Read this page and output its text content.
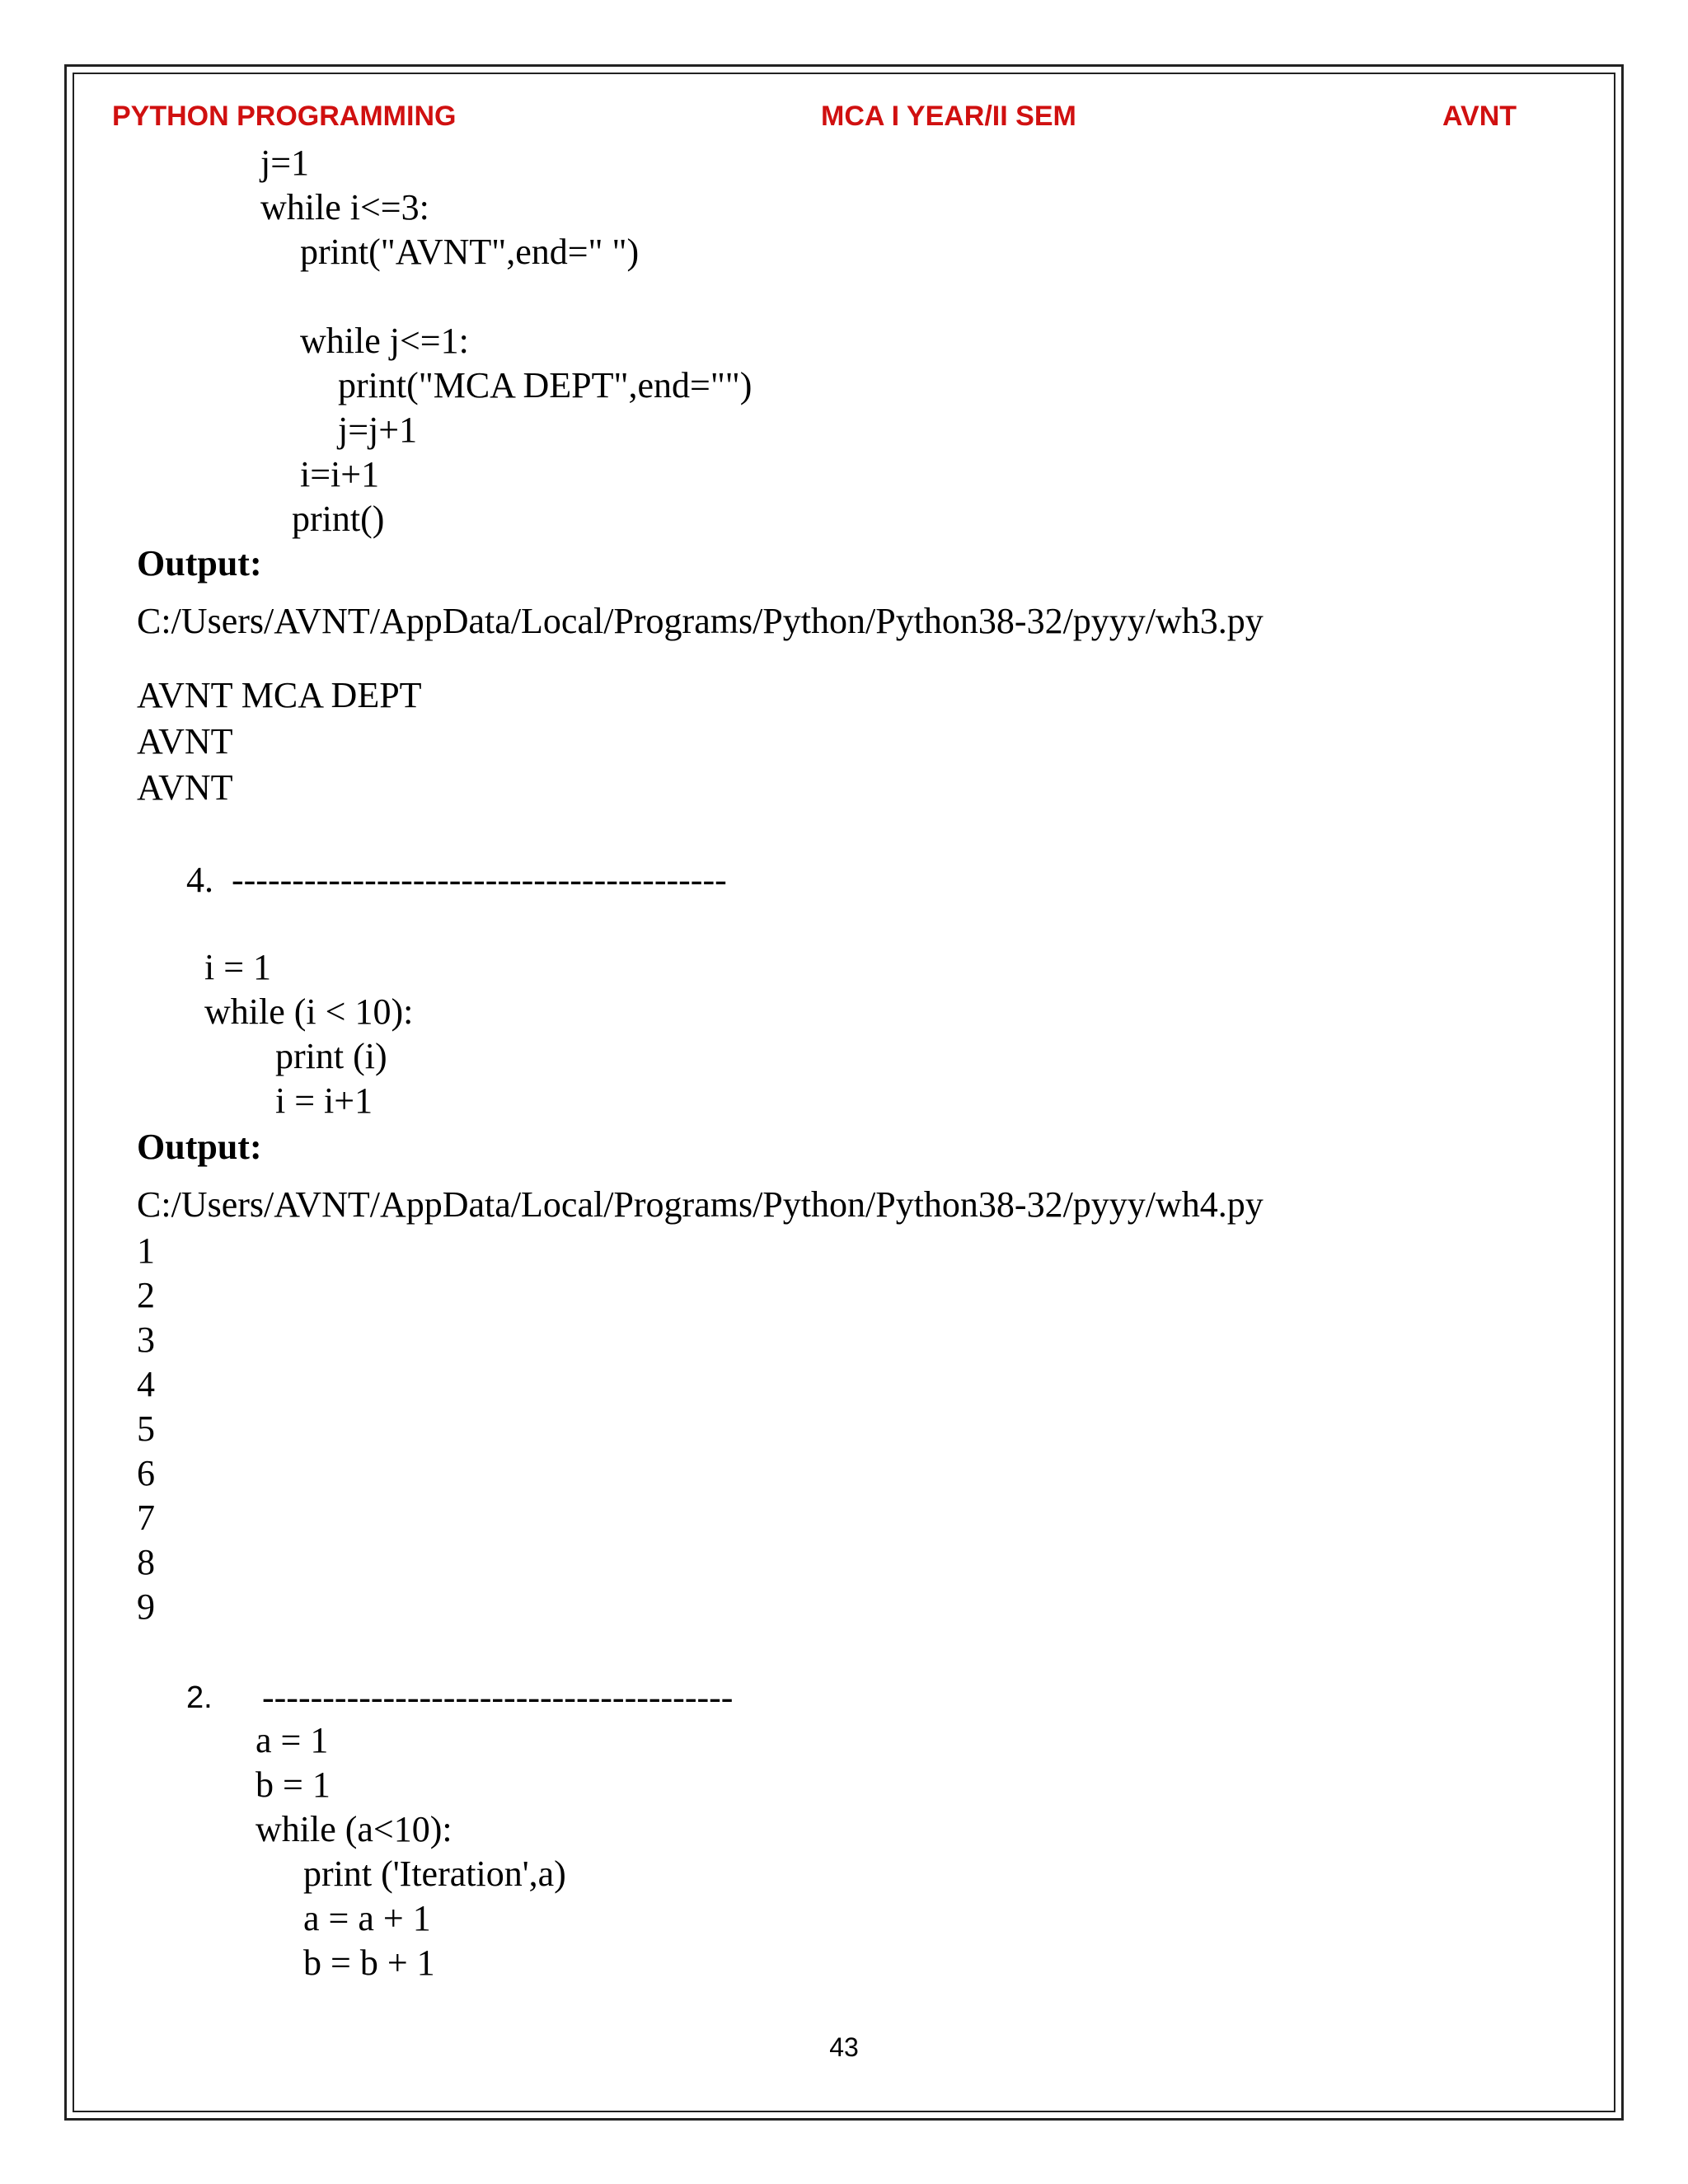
PYTHON PROGRAMMING	MCA I YEAR/II SEM	AVNT
j=1
while i<=3:
print("AVNT",end=" ")
while j<=1:
print("MCA DEPT",end="")
j=j+1
i=i+1
print()
Output:
C:/Users/AVNT/AppData/Local/Programs/Python/Python38-32/pyyy/wh3.py
AVNT MCA DEPT
AVNT
AVNT
4.  -----------------------------------------
i = 1
while (i < 10):
print (i)
i = i+1
Output:
C:/Users/AVNT/AppData/Local/Programs/Python/Python38-32/pyyy/wh4.py
1
2
3
4
5
6
7
8
9
2. ---------------------------------------
a = 1
b = 1
while (a<10):
print ('Iteration',a)
a = a + 1
b = b + 1
43
